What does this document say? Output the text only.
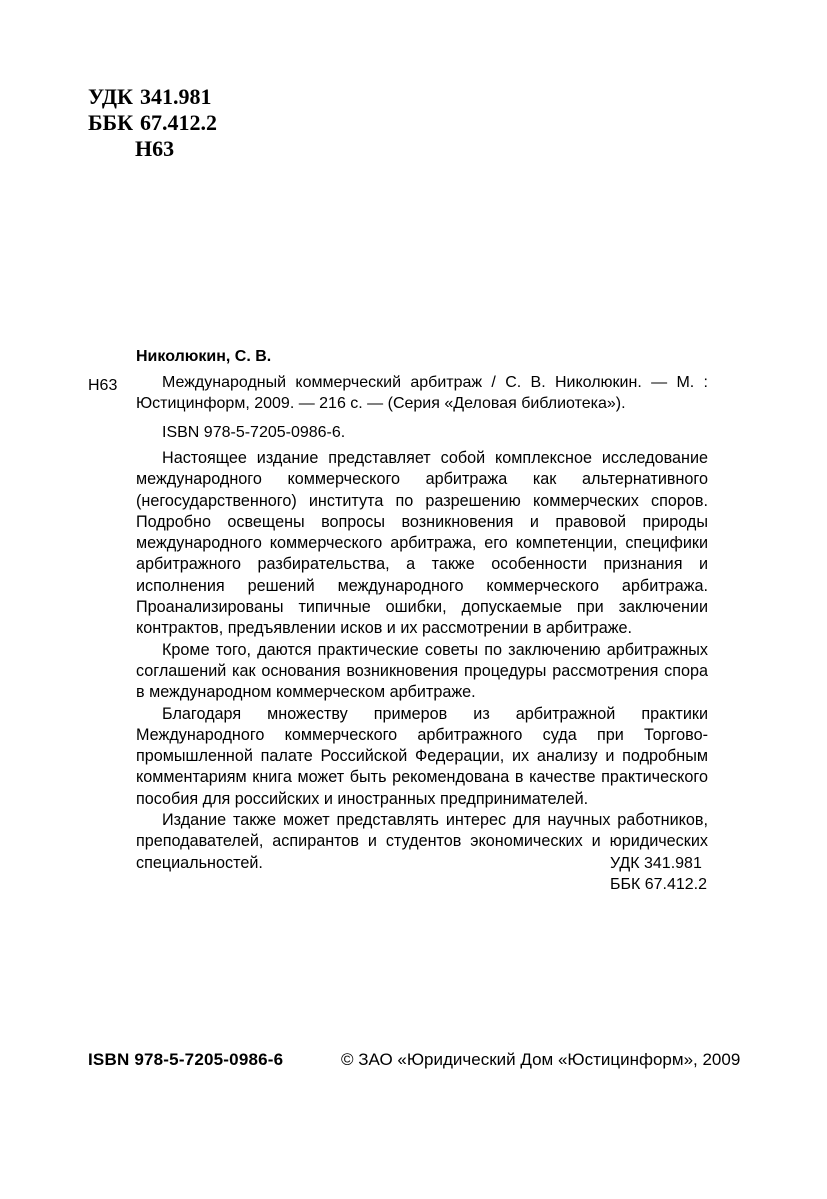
УДК 341.981
ББК 67.412.2
Н63
Николюкин, С. В.
Н63	Международный коммерческий арбитраж / С. В. Николюкин. — М. : Юстицинформ, 2009. — 216 с. — (Серия «Деловая библиотека»).

ISBN 978-5-7205-0986-6.

Настоящее издание представляет собой комплексное исследование международного коммерческого арбитража как альтернативного (негосударственного) института по разрешению коммерческих споров. Подробно освещены вопросы возникновения и правовой природы международного коммерческого арбитража, его компетенции, специфики арбитражного разбирательства, а также особенности признания и исполнения решений международного коммерческого арбитража. Проанализированы типичные ошибки, допускаемые при заключении контрактов, предъявлении исков и их рассмотрении в арбитраже.

Кроме того, даются практические советы по заключению арбитражных соглашений как основания возникновения процедуры рассмотрения спора в международном коммерческом арбитраже.

Благодаря множеству примеров из арбитражной практики Международного коммерческого арбитражного суда при Торгово-промышленной палате Российской Федерации, их анализу и подробным комментариям книга может быть рекомендована в качестве практического пособия для российских и иностранных предпринимателей.

Издание также может представлять интерес для научных работников, преподавателей, аспирантов и студентов экономических и юридических специальностей.	УДК 341.981
ББК 67.412.2
ISBN 978-5-7205-0986-6	© ЗАО «Юридический Дом «Юстицинформ», 2009
